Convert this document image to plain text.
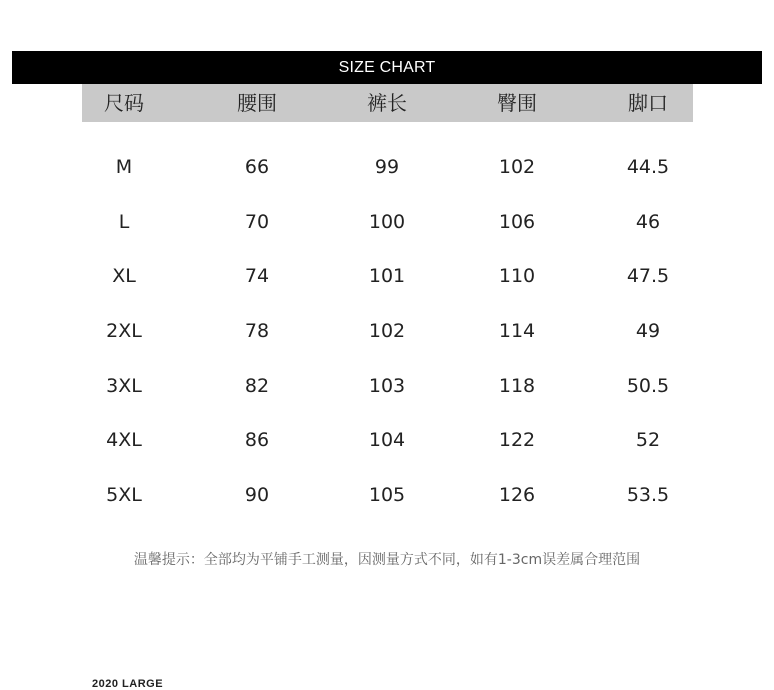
SIZE CHART
尺码	腰围	裤长	臀围	脚口
M	66	99	102	44.5
L	70	100	106	46
XL	74	101	110	47.5
2XL	78	102	114	49
3XL	82	103	118	50.5
4XL	86	104	122	52
5XL	90	105	126	53.5
温馨提示：全部均为平铺手工测量，因测量方式不同，如有1-3cm误差属合理范围
2020 LARGE
